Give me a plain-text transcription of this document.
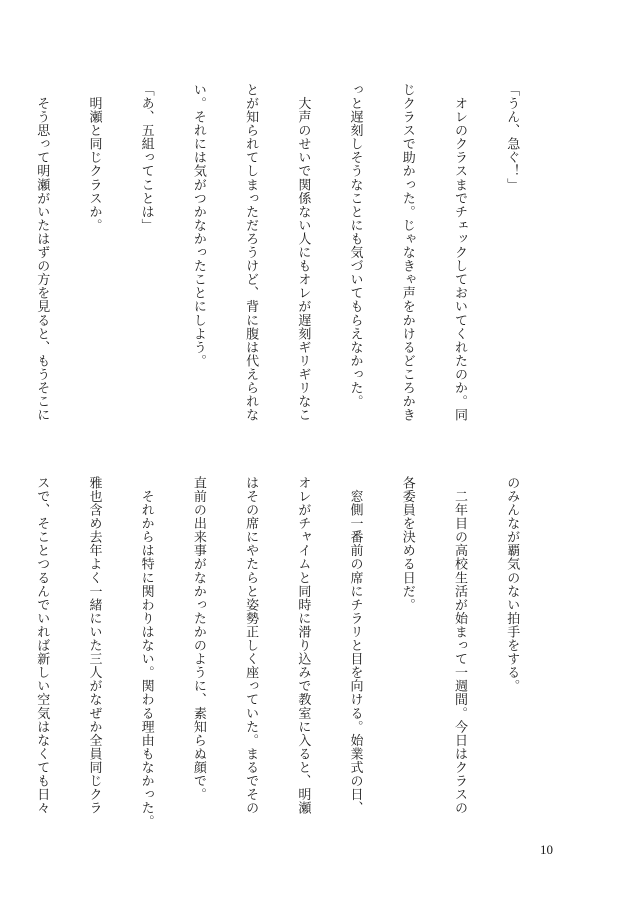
「うん、急ぐ！」

　オレのクラスまでチェックしておいてくれたのか。同

じクラスで助かった。じゃなきゃ声をかけるどころかき

っと遅刻しそうなことにも気づいてもらえなかった。

　大声のせいで関係ない人にもオレが遅刻ギリギリなこ

とが知られてしまっただろうけど、背に腹は代えられな

い。それには気がつかなかったことにしよう。

「あ、五組ってことは」

　明瀬と同じクラスか。

　そう思って明瀬がいたはずの方を見ると、もうそこに

のみんなが覇気のない拍手をする。

　二年目の高校生活が始まって一週間。今日はクラスの

各委員を決める日だ。

　窓側一番前の席にチラリと目を向ける。始業式の日、

オレがチャイムと同時に滑り込みで教室に入ると、明瀬

はその席にやたらと姿勢正しく座っていた。まるでその

直前の出来事がなかったかのように、素知らぬ顔で。

　それからは特に関わりはない。関わる理由もなかった。

雅也含め去年よく一緒にいた三人がなぜか全員同じクラ

スで、そことつるんでいれば新しい空気はなくても日々

10
